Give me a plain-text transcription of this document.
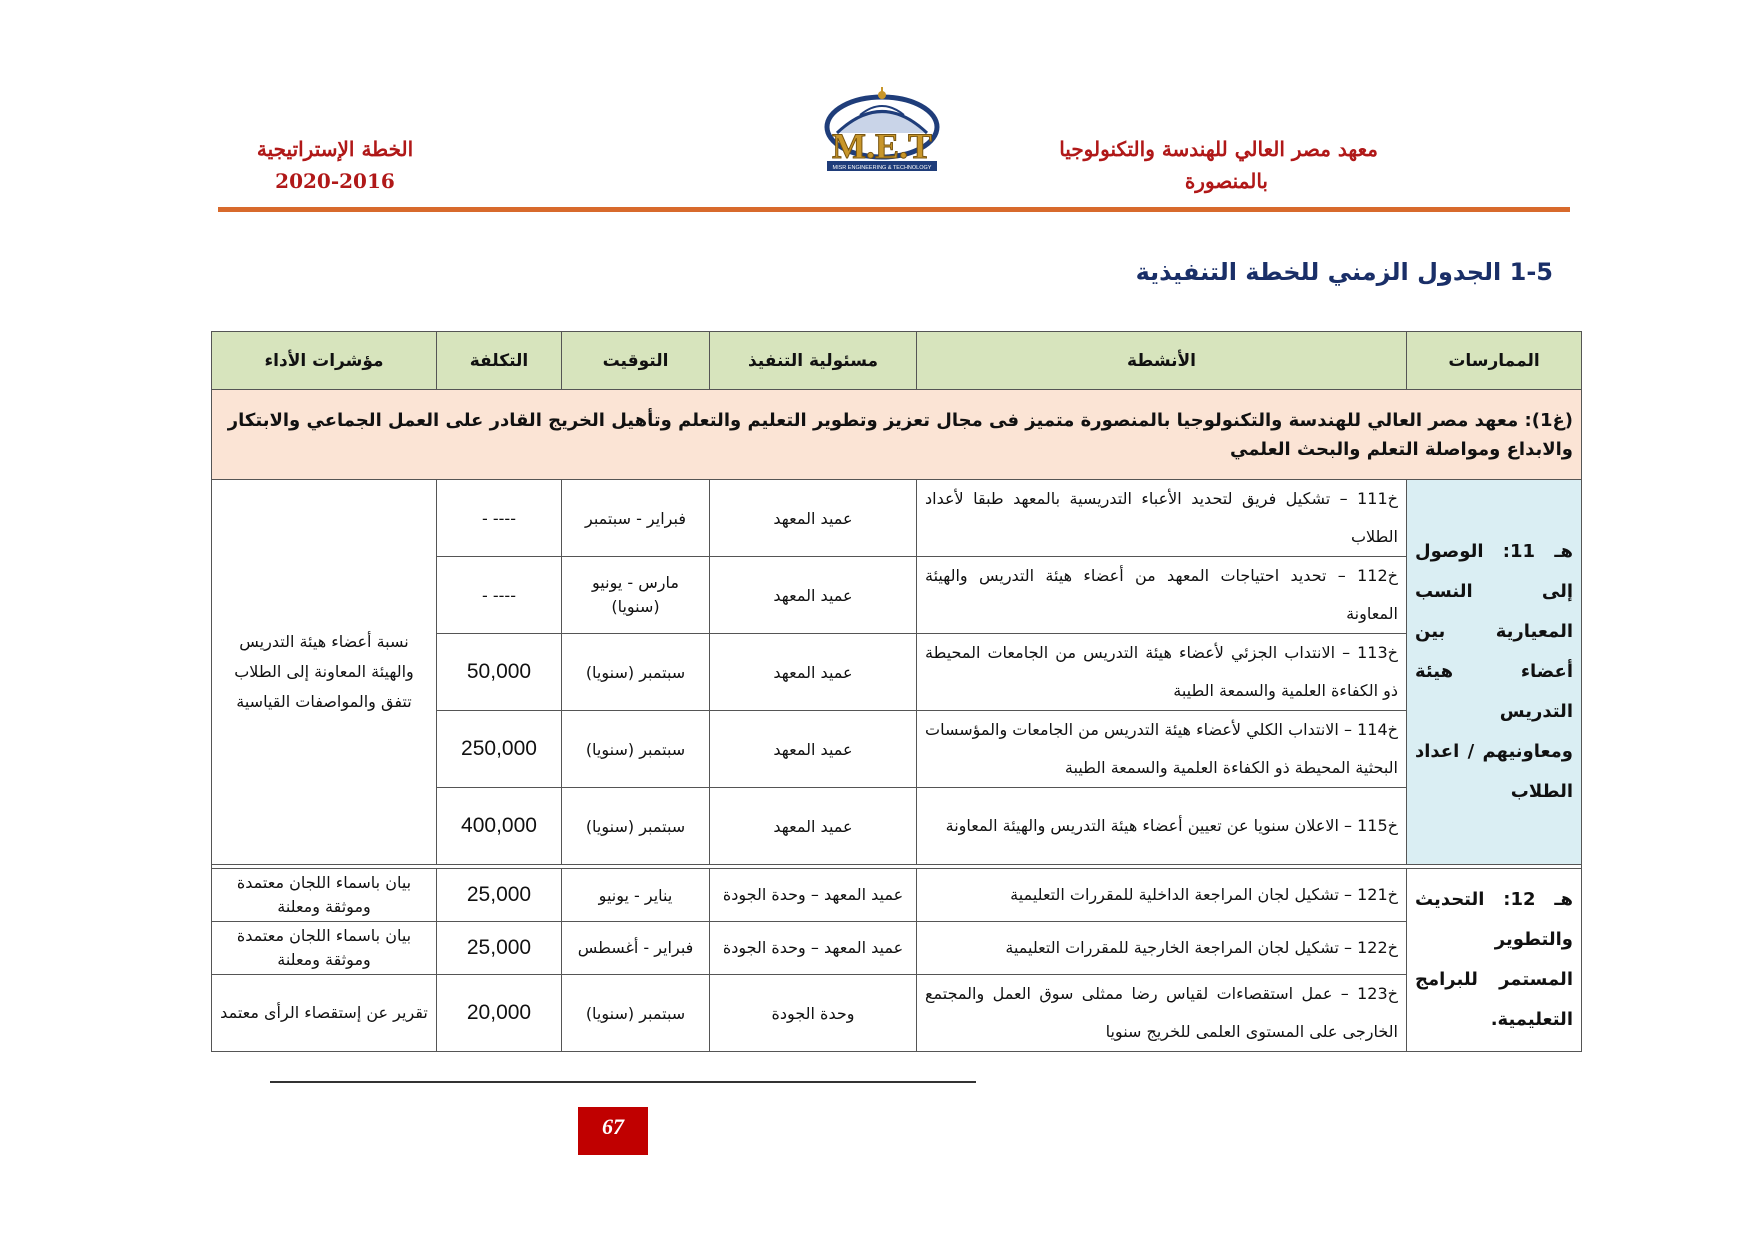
معهد مصر العالي للهندسة والتكنولوجيا
بالمنصورة
M.E.T
MISR ENGINEERING & TECHNOLOGY
الخطة الإستراتيجية
2020-2016
1-5 الجدول الزمني للخطة التنفيذية
الممارسات	الأنشطة	مسئولية التنفيذ	التوقيت	التكلفة	مؤشرات الأداء
(غ1): معهد مصر العالي للهندسة والتكنولوجيا بالمنصورة متميز فى مجال تعزيز وتطوير التعليم والتعلم وتأهيل الخريج القادر على العمل الجماعي والابتكار والابداع ومواصلة التعلم والبحث العلمي					
هـ 11: الوصول إلى النسب المعيارية بين أعضاء هيئة التدريس ومعاونيهم / اعداد الطلاب	خ111 – تشكيل فريق لتحديد الأعباء التدريسية بالمعهد طبقا لأعداد الطلاب	عميد المعهد	فبراير - سبتمبر	---- -	نسبة أعضاء هيئة التدريس والهيئة المعاونة إلى الطلاب تتفق والمواصفات القياسية
	خ112 – تحديد احتياجات المعهد من أعضاء هيئة التدريس والهيئة المعاونة	عميد المعهد	مارس - يونيو (سنويا)	---- -	
	خ113 – الانتداب الجزئي لأعضاء هيئة التدريس من الجامعات المحيطة ذو الكفاءة العلمية والسمعة الطيبة	عميد المعهد	سبتمبر (سنويا)	50,000	
	خ114 – الانتداب الكلي لأعضاء هيئة التدريس من الجامعات والمؤسسات البحثية المحيطة ذو الكفاءة العلمية والسمعة الطيبة	عميد المعهد	سبتمبر (سنويا)	250,000	
	خ115 – الاعلان سنويا عن تعيين أعضاء هيئة التدريس والهيئة المعاونة	عميد المعهد	سبتمبر (سنويا)	400,000	

هـ 12: التحديث والتطوير المستمر للبرامج التعليمية.	خ121 – تشكيل لجان المراجعة الداخلية للمقررات التعليمية	عميد المعهد – وحدة الجودة	يناير - يونيو	25,000	بيان باسماء اللجان معتمدة وموثقة ومعلنة
	خ122 – تشكيل لجان المراجعة الخارجية للمقررات التعليمية	عميد المعهد – وحدة الجودة	فبراير - أغسطس	25,000	بيان باسماء اللجان معتمدة وموثقة ومعلنة
	خ123 – عمل استقصاءات لقياس رضا ممثلى سوق العمل والمجتمع الخارجى على المستوى العلمى للخريج سنويا	وحدة الجودة	سبتمبر (سنويا)	20,000	تقرير عن إستقصاء الرأى معتمد
67
